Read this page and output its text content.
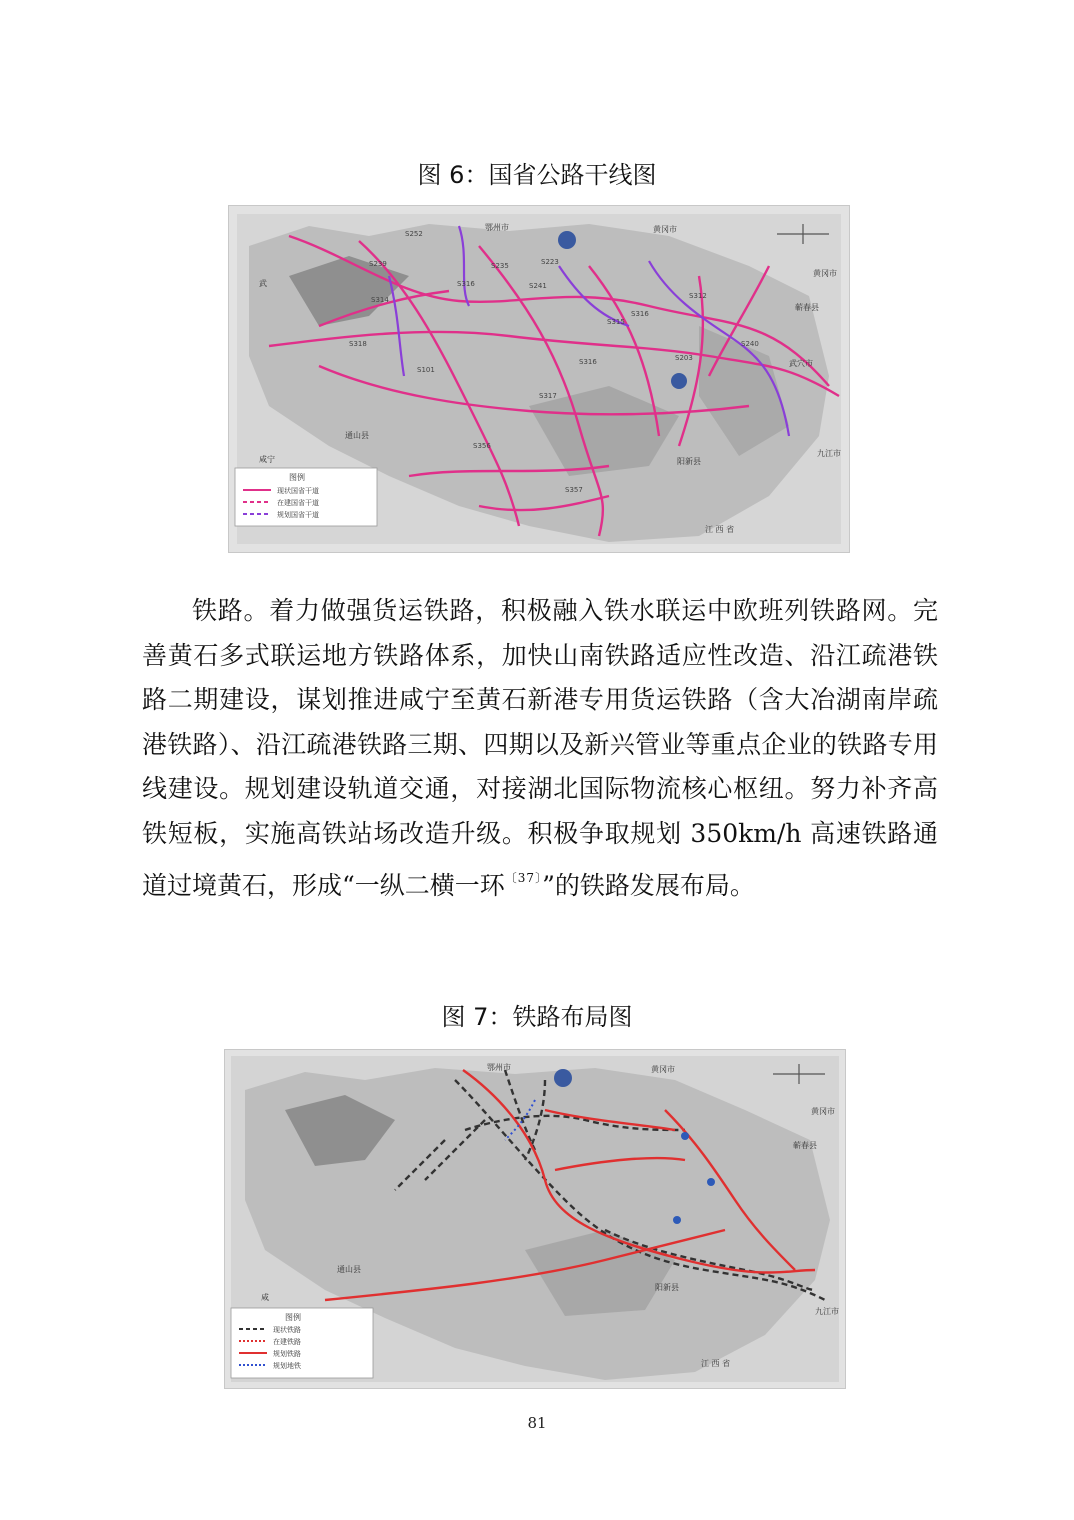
图 6：国省公路干线图
S252
S239
S314
S316
S235
S241
S315
S316
S101
S317
S356
S318
S357
S223
S312
S316
S203
S240
鄂州市	黄冈市
黄冈市
蕲春县
武穴市
九江市
咸宁	阳新县
江 西 省
武
通山县
图例
现状国省干道
在建国省干道
规划国省干道

铁路。着力做强货运铁路，积极融入铁水联运中欧班列铁路网。完善黄石多式联运地方铁路体系，加快山南铁路适应性改造、沿江疏港铁路二期建设，谋划推进咸宁至黄石新港专用货运铁路（含大冶湖南岸疏港铁路）、沿江疏港铁路三期、四期以及新兴管业等重点企业的铁路专用线建设。规划建设轨道交通，对接湖北国际物流核心枢纽。努力补齐高铁短板，实施高铁站场改造升级。积极争取规划 350km/h 高速铁路通道过境黄石，形成“一纵二横一环$^{〔37〕}$”的铁路发展布局。

图 7：铁路布局图
鄂州市	黄冈市
黄冈市
蕲春县
九江市
咸
通山县
江 西 省
阳新县
图例
现状铁路
在建铁路
规划铁路
规划地铁
81
